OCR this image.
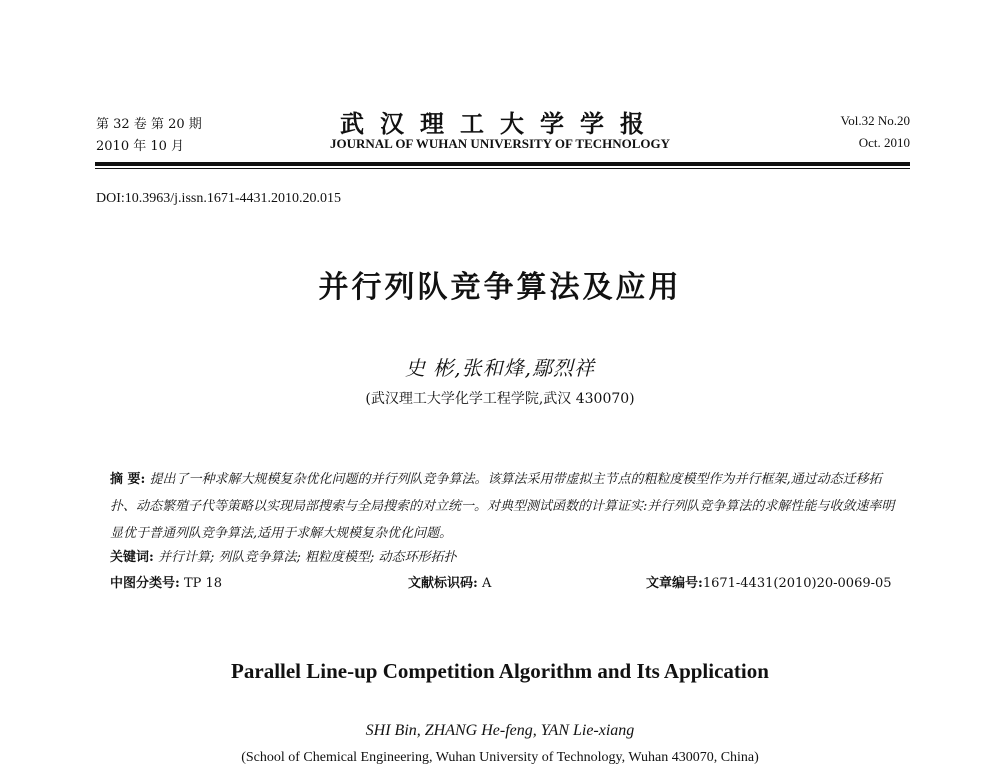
第 32 卷 第 20 期
2010 年 10 月
武汉理工大学学报
JOURNAL OF WUHAN UNIVERSITY OF TECHNOLOGY
Vol.32 No.20
Oct. 2010
DOI:10.3963/j.issn.1671-4431.2010.20.015
并行列队竞争算法及应用
史 彬,张和烽,鄢烈祥
(武汉理工大学化学工程学院,武汉 430070)
摘 要: 提出了一种求解大规模复杂优化问题的并行列队竞争算法。该算法采用带虚拟主节点的粗粒度模型作为并行框架,通过动态迁移拓扑、动态繁殖子代等策略以实现局部搜索与全局搜索的对立统一。对典型测试函数的计算证实:并行列队竞争算法的求解性能与收敛速率明显优于普通列队竞争算法,适用于求解大规模复杂优化问题。
关键词: 并行计算; 列队竞争算法; 粗粒度模型; 动态环形拓扑
中图分类号: TP 18	文献标识码: A	文章编号:1671-4431(2010)20-0069-05
Parallel Line-up Competition Algorithm and Its Application
SHI Bin, ZHANG He-feng, YAN Lie-xiang
(School of Chemical Engineering, Wuhan University of Technology, Wuhan 430070, China)
